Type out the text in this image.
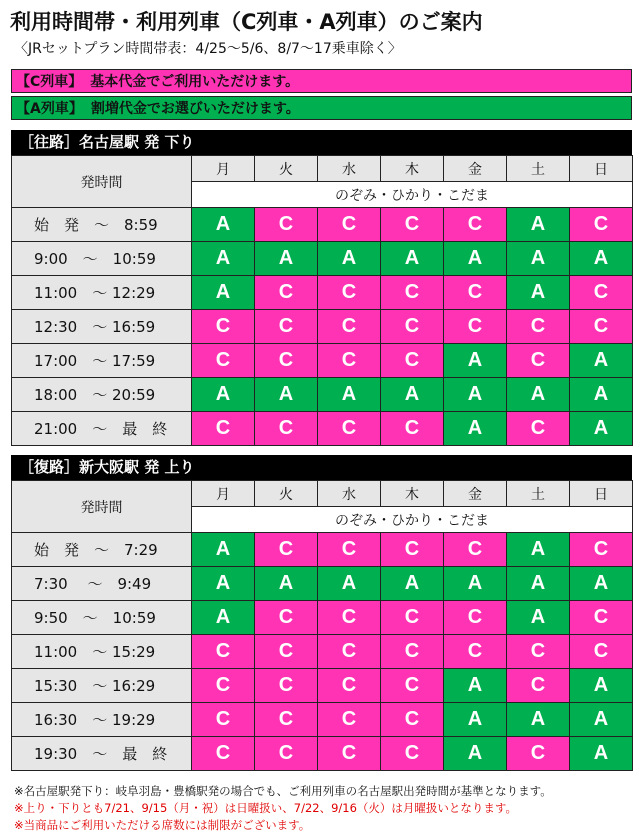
利用時間帯・利用列車（C列車・A列車）のご案内
〈JRセットプラン時間帯表：4/25～5/6、8/7～17乗車除く〉
【C列車】 基本代金でご利用いただけます。
【A列車】 割増代金でお選びいただけます。
［往路］名古屋駅 発 下り
発時間	月	火	水	木	金	土	日
	のぞみ・ひかり・こだま						
始　発　～　8:59	A	C	C	C	C	A	C
9:00　～　10:59	A	A	A	A	A	A	A
11:00　～ 12:29	A	C	C	C	C	A	C
12:30　～ 16:59	C	C	C	C	C	C	C
17:00　～ 17:59	C	C	C	C	A	C	A
18:00　～ 20:59	A	A	A	A	A	A	A
21:00　～　最　終	C	C	C	C	A	C	A
［復路］新大阪駅 発 上り
発時間	月	火	水	木	金	土	日
	のぞみ・ひかり・こだま						
始　発　～　7:29	A	C	C	C	C	A	C
7:30　 ～　9:49	A	A	A	A	A	A	A
9:50　～　10:59	A	C	C	C	C	A	C
11:00　～ 15:29	C	C	C	C	C	C	C
15:30　～ 16:29	C	C	C	C	A	C	A
16:30　～ 19:29	C	C	C	C	A	A	A
19:30　～　最　終	C	C	C	C	A	C	A
※名古屋駅発下り：岐阜羽島・豊橋駅発の場合でも、ご利用列車の名古屋駅出発時間が基準となります。
※上り・下りとも7/21、9/15（月・祝）は日曜扱い、7/22、9/16（火）は月曜扱いとなります。
※当商品にご利用いただける席数には制限がございます。
